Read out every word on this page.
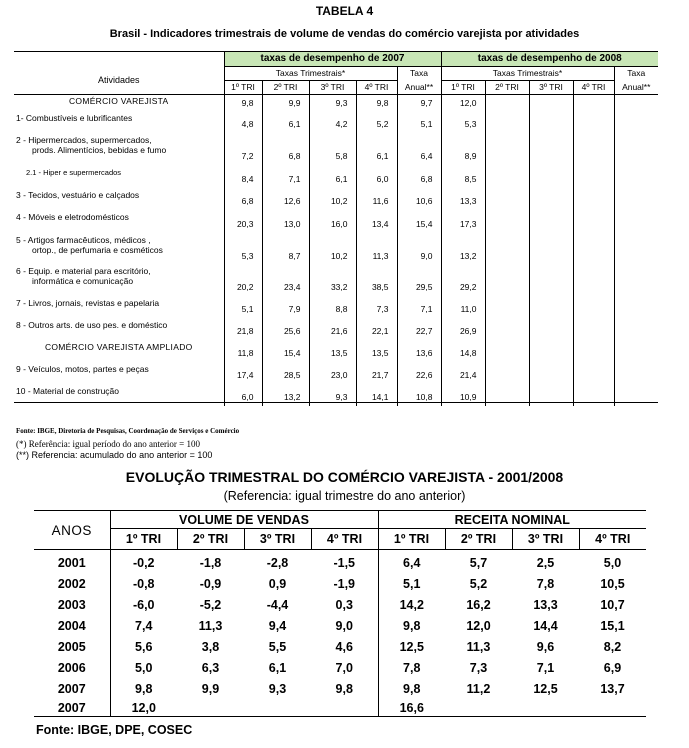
TABELA 4
Brasil - Indicadores trimestrais de volume de vendas do comércio varejista por atividades
	taxas de desempenho de 2007					taxas de desempenho de 2008				
Atividades	Taxas Trimestrais*				Taxa	Taxas Trimestrais*				Taxa
	1º TRI	2º TRI	3º TRI	4º TRI	Anual**	1º TRI	2º TRI	3º TRI	4º TRI	Anual**

COMÉRCIO VAREJISTA	9,8	9,9	9,3	9,8	9,7	12,0				

1- Combustíveis e lubrificantes	4,8	6,1	4,2	5,2	5,1	5,3				

2 - Hipermercados, supermercados,
prods. Alimentícios, bebidas e fumo	7,2	6,8	5,8	6,1	6,4	8,9				

2.1 - Hiper e supermercados	8,4	7,1	6,1	6,0	6,8	8,5				

3 - Tecidos, vestuário e calçados	6,8	12,6	10,2	11,6	10,6	13,3				

4 - Móveis e eletrodomésticos	20,3	13,0	16,0	13,4	15,4	17,3				

5 - Artigos farmacêuticos, médicos ,
ortop., de perfumaria e cosméticos	5,3	8,7	10,2	11,3	9,0	13,2				

6 - Equip. e material para escritório,
informática e comunicação	20,2	23,4	33,2	38,5	29,5	29,2				

7 - Livros, jornais, revistas e papelaria	5,1	7,9	8,8	7,3	7,1	11,0				

8 - Outros arts. de uso pes. e doméstico	21,8	25,6	21,6	22,1	22,7	26,9				

COMÉRCIO VAREJISTA AMPLIADO	11,8	15,4	13,5	13,5	13,6	14,8				

9 - Veículos, motos, partes e peças	17,4	28,5	23,0	21,7	22,6	21,4				

10 - Material de construção	6,0	13,2	9,3	14,1	10,8	10,9				

Fonte: IBGE, Diretoria de Pesquisas, Coordenação de Serviços e Comércio
(*) Referência: igual período do ano anterior = 100
(**) Referencia: acumulado do ano anterior = 100
EVOLUÇÃO TRIMESTRAL DO COMÉRCIO VAREJISTA - 2001/2008
(Referencia: igual trimestre do ano anterior)
ANOS	VOLUME DE VENDAS				RECEITA NOMINAL			
	1º TRI	2º TRI	3º TRI	4º TRI	1º TRI	2º TRI	3º TRI	4º TRI
2001	-0,2	-1,8	-2,8	-1,5	6,4	5,7	2,5	5,0
2002	-0,8	-0,9	0,9	-1,9	5,1	5,2	7,8	10,5
2003	-6,0	-5,2	-4,4	0,3	14,2	16,2	13,3	10,7
2004	7,4	11,3	9,4	9,0	9,8	12,0	14,4	15,1
2005	5,6	3,8	5,5	4,6	12,5	11,3	9,6	8,2
2006	5,0	6,3	6,1	7,0	7,8	7,3	7,1	6,9
2007	9,8	9,9	9,3	9,8	9,8	11,2	12,5	13,7
2007	12,0				16,6			
Fonte: IBGE, DPE, COSEC
